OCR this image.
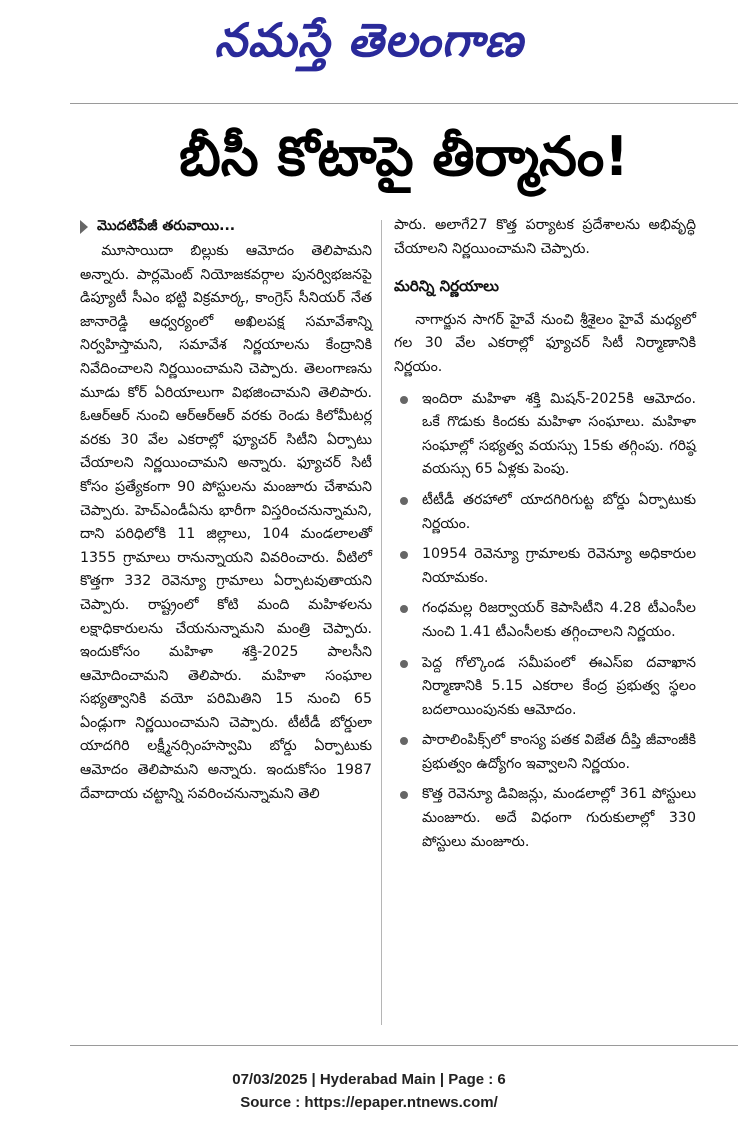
నమస్తే తెలంగాణ
బీసీ కోటాపై తీర్మానం!
మొదటిపేజీ తరువాయి...

మూసాయిదా బిల్లుకు ఆమోదం తెలిపామని అన్నారు. పార్లమెంట్ నియోజకవర్గాల పునర్విభజనపై డిప్యూటీ సీఎం భట్టి విక్రమార్క, కాంగ్రెస్ సీనియర్ నేత జానారెడ్డి ఆధ్వర్యంలో అఖిలపక్ష సమావేశాన్ని నిర్వహిస్తామని, సమావేశ నిర్ణయాలను కేంద్రానికి నివేదించాలని నిర్ణయించామని చెప్పారు. తెలంగాణను మూడు కోర్ ఏరియాలుగా విభజించామని తెలిపారు. ఓఆర్ఆర్ నుంచి ఆర్ఆర్ఆర్ వరకు రెండు కిలోమీటర్ల వరకు 30 వేల ఎకరాల్లో ఫ్యూచర్ సిటీని ఏర్పాటు చేయాలని నిర్ణయించామని అన్నారు. ఫ్యూచర్ సిటీ కోసం ప్రత్యేకంగా 90 పోస్టులను మంజూరు చేశామని చెప్పారు. హెచ్ఎండీఏను భారీగా విస్తరించనున్నామని, దాని పరిధిలోకి 11 జిల్లాలు, 104 మండలాలతో 1355 గ్రామాలు రానున్నాయని వివరించారు. వీటిలో కొత్తగా 332 రెవెన్యూ గ్రామాలు ఏర్పాటవుతాయని చెప్పారు. రాష్ట్రంలో కోటి మంది మహిళలను లక్షాధికారులను చేయనున్నామని మంత్రి చెప్పారు. ఇందుకోసం మహిళా శక్తి-2025 పాలసీని ఆమోదించామని తెలిపారు. మహిళా సంఘాల సభ్యత్వానికి వయో పరిమితిని 15 నుంచి 65 ఏండ్లుగా నిర్ణయించామని చెప్పారు. టీటీడీ బోర్డులా యాదగిరి లక్ష్మీనర్సింహస్వామి బోర్డు ఏర్పాటుకు ఆమోదం తెలిపామని అన్నారు. ఇందుకోసం 1987 దేవాదాయ చట్టాన్ని సవరించనున్నామని తెలి

పారు. అలాగే27 కొత్త పర్యాటక ప్రదేశాలను అభివృద్ధి చేయాలని నిర్ణయించామని చెప్పారు.

మరిన్ని నిర్ణయాలు

నాగార్జున సాగర్ హైవే నుంచి శ్రీశైలం హైవే మధ్యలో గల 30 వేల ఎకరాల్లో ఫ్యూచర్ సిటీ నిర్మాణానికి నిర్ణయం.

ఇందిరా మహిళా శక్తి మిషన్-2025కి ఆమోదం. ఒకే గొడుకు కిందకు మహిళా సంఘాలు. మహిళా సంఘాల్లో సభ్యత్వ వయస్సు 15కు తగ్గింపు. గరిష్ఠ వయస్సు 65 ఏళ్లకు పెంపు.
టీటీడీ తరహాలో యాదగిరిగుట్ట బోర్డు ఏర్పాటుకు నిర్ణయం.
10954 రెవెన్యూ గ్రామాలకు రెవెన్యూ అధికారుల నియామకం.
గంధమల్ల రిజర్వాయర్ కెపాసిటీని 4.28 టీఎంసీల నుంచి 1.41 టీఎంసీలకు తగ్గించాలని నిర్ణయం.
పెద్ద గోల్కొండ సమీపంలో ఈఎస్ఐ దవాఖాన నిర్మాణానికి 5.15 ఎకరాల కేంద్ర ప్రభుత్వ స్థలం బదలాయింపునకు ఆమోదం.
పారాలింపిక్స్‌లో కాంస్య పతక విజేత దీప్తి జీవాంజీకి ప్రభుత్వం ఉద్యోగం ఇవ్వాలని నిర్ణయం.
కొత్త రెవెన్యూ డివిజన్లు, మండలాల్లో 361 పోస్టులు మంజూరు. అదే విధంగా గురుకులాల్లో 330 పోస్టులు మంజూరు.
07/03/2025 | Hyderabad Main | Page : 6
Source : https://epaper.ntnews.com/
